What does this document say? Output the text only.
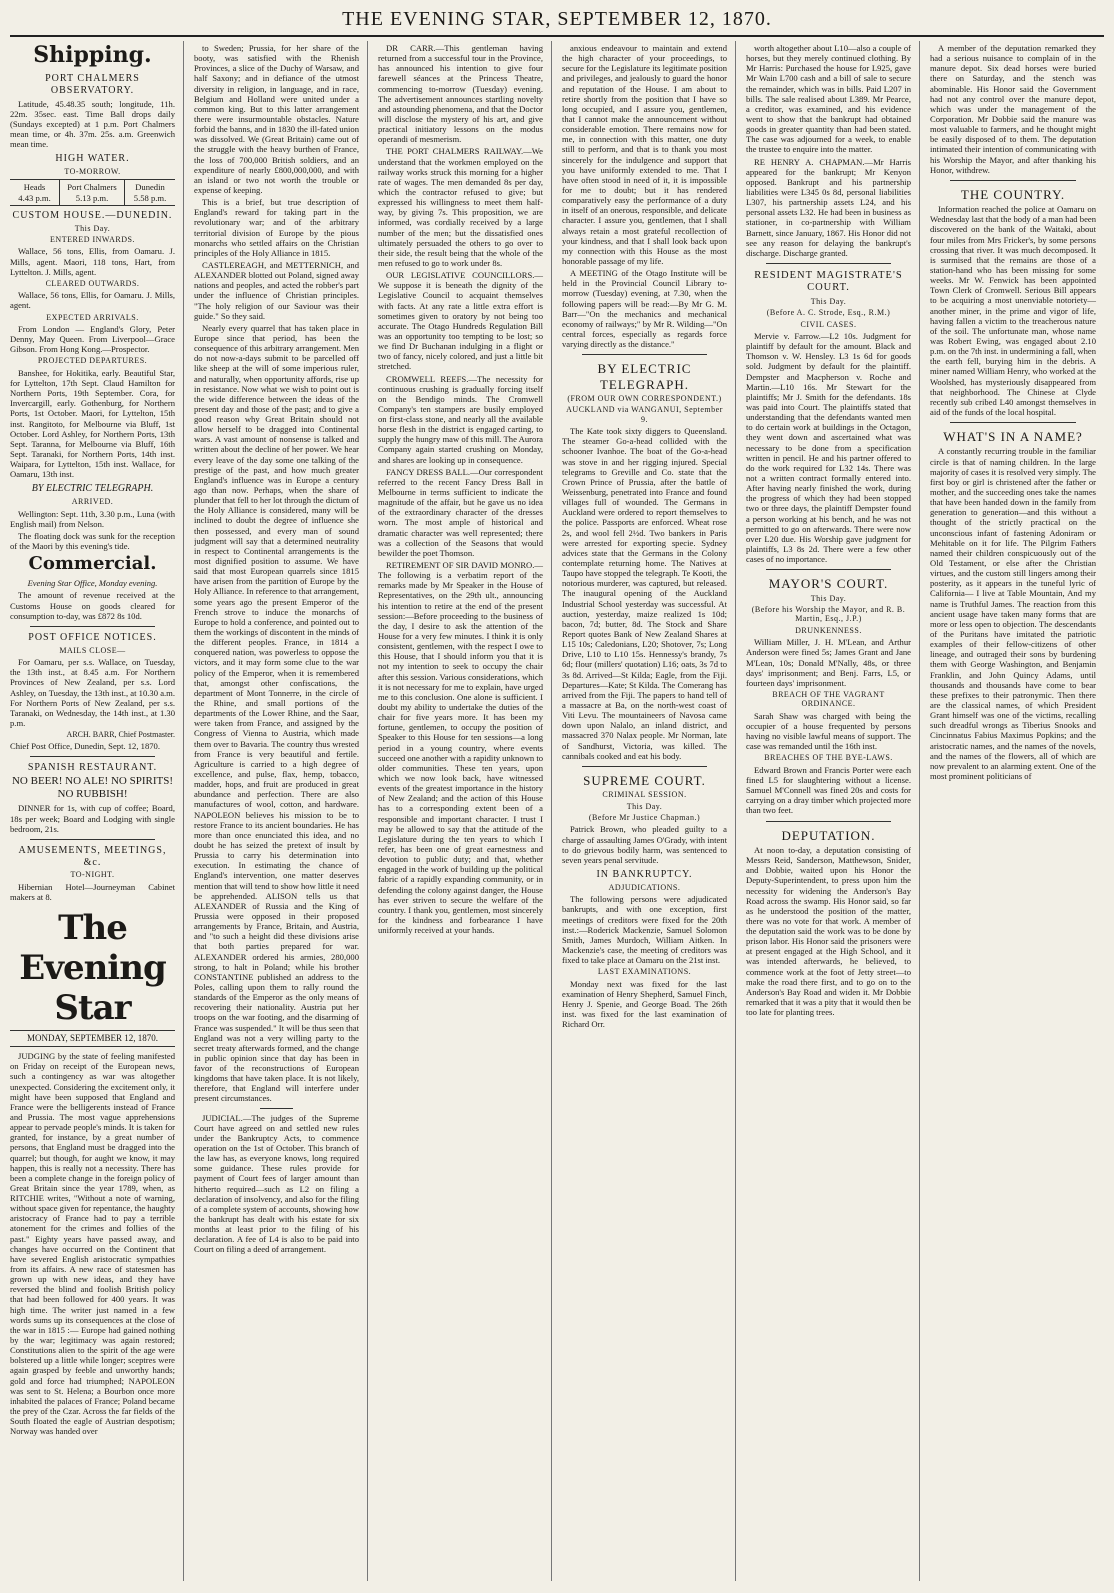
THE EVENING STAR, SEPTEMBER 12, 1870.
Shipping.
PORT CHALMERS OBSERVATORY.
Latitude, 45.48.35 south; longitude, 11h. 22m. 35sec. east. Time Ball drops daily (Sundays excepted) at 1 p.m. Port Chalmers mean time, or 4h. 37m. 25s. a.m. Greenwich mean time.
HIGH WATER.
TO-MORROW.
Heads
4.43 p.m.
Port Chalmers
5.13 p.m.
Dunedin
5.58 p.m.
CUSTOM HOUSE.—DUNEDIN.
This Day.
ENTERED INWARDS.
Wallace, 56 tons, Ellis, from Oamaru. J. Mills, agent. Maori, 118 tons, Hart, from Lyttelton. J. Mills, agent.
CLEARED OUTWARDS.
Wallace, 56 tons, Ellis, for Oamaru. J. Mills, agent.
EXPECTED ARRIVALS.
From London — England's Glory, Peter Denny, May Queen. From Liverpool—Grace Gibson. From Hong Kong.—Prospector.
PROJECTED DEPARTURES.
Banshee, for Hokitika, early. Beautiful Star, for Lyttelton, 17th Sept. Claud Hamilton for Northern Ports, 19th September. Cora, for Invercargill, early. Gothenburg, for Northern Ports, 1st October. Maori, for Lyttelton, 15th inst. Rangitoto, for Melbourne via Bluff, 1st October. Lord Ashley, for Northern Ports, 13th Sept. Taranna, for Melbourne via Bluff, 16th Sept. Taranaki, for Northern Ports, 14th inst. Waipara, for Lyttelton, 15th inst. Wallace, for Oamaru, 13th inst.
BY ELECTRIC TELEGRAPH.
ARRIVED.
Wellington: Sept. 11th, 3.30 p.m., Luna (with English mail) from Nelson.
The floating dock was sunk for the reception of the Maori by this evening's tide.
Commercial.
Evening Star Office, Monday evening.
The amount of revenue received at the Customs House on goods cleared for consumption to-day, was £872 8s 10d.
POST OFFICE NOTICES.
MAILS CLOSE—
For Oamaru, per s.s. Wallace, on Tuesday, the 13th inst., at 8.45 a.m. For Northern Provinces of New Zealand, per s.s. Lord Ashley, on Tuesday, the 13th inst., at 10.30 a.m. For Northern Ports of New Zealand, per s.s. Taranaki, on Wednesday, the 14th inst., at 1.30 p.m.
ARCH. BARR, Chief Postmaster.
Chief Post Office, Dunedin, Sept. 12, 1870.
SPANISH RESTAURANT.
NO BEER! NO ALE! NO SPIRITS! NO RUBBISH!
DINNER for 1s, with cup of coffee; Board, 18s per week; Board and Lodging with single bedroom, 21s.
AMUSEMENTS, MEETINGS, &c.
TO-NIGHT.
Hibernian Hotel—Journeyman Cabinet makers at 8.
The Evening Star
MONDAY, SEPTEMBER 12, 1870.
JUDGING by the state of feeling manifested on Friday on receipt of the European news, such a contingency as war was altogether unexpected. Considering the excitement only, it might have been supposed that England and France were the belligerents instead of France and Prussia. The most vague apprehensions appear to pervade people's minds. It is taken for granted, for instance, by a great number of persons, that England must be dragged into the quarrel; but though, for aught we know, it may happen, this is really not a necessity. There has been a complete change in the foreign policy of Great Britain since the year 1789, when, as RITCHIE writes, "Without a note of warning, without space given for repentance, the haughty aristocracy of France had to pay a terrible atonement for the crimes and follies of the past." Eighty years have passed away, and changes have occurred on the Continent that have severed English aristocratic sympathies from its affairs. A new race of statesmen has grown up with new ideas, and they have reversed the blind and foolish British policy that had been followed for 400 years. It was high time. The writer just named in a few words sums up its consequences at the close of the war in 1815 :— Europe had gained nothing by the war; legitimacy was again restored; Constitutions alien to the spirit of the age were bolstered up a little while longer; sceptres were again grasped by feeble and unworthy hands; gold and force had triumphed; NAPOLEON was sent to St. Helena; a Bourbon once more inhabited the palaces of France; Poland became the prey of the Czar. Across the far fields of the South floated the eagle of Austrian despotism; Norway was handed over
to Sweden; Prussia, for her share of the booty, was satisfied with the Rhenish Provinces, a slice of the Duchy of Warsaw, and half Saxony; and in defiance of the utmost diversity in religion, in language, and in race, Belgium and Holland were united under a common king. But to this latter arrangement there were insurmountable obstacles. Nature forbid the banns, and in 1830 the ill-fated union was dissolved. We (Great Britain) came out of the struggle with the heavy burthen of France, the loss of 700,000 British soldiers, and an expenditure of nearly £800,000,000, and with an island or two not worth the trouble or expense of keeping.
This is a brief, but true description of England's reward for taking part in the revolutionary war; and of the arbitrary territorial division of Europe by the pious monarchs who settled affairs on the Christian principles of the Holy Alliance in 1815.
CASTLEREAGH, and METTERNICH, and ALEXANDER blotted out Poland, signed away nations and peoples, and acted the robber's part under the influence of Christian principles. "The holy religion of our Saviour was their guide." So they said.
Nearly every quarrel that has taken place in Europe since that period, has been the consequence of this arbitrary arrangement. Men do not now-a-days submit to be parcelled off like sheep at the will of some imperious ruler, and naturally, when opportunity affords, rise up in resistance. Now what we wish to point out is the wide difference between the ideas of the present day and those of the past; and to give a good reason why Great Britain should not allow herself to be dragged into Continental wars. A vast amount of nonsense is talked and written about the decline of her power. We hear every leave of the day some one talking of the prestige of the past, and how much greater England's influence was in Europe a century ago than now. Perhaps, when the share of plunder that fell to her lot through the dictum of the Holy Alliance is considered, many will be inclined to doubt the degree of influence she then possessed, and every man of sound judgment will say that a determined neutrality in respect to Continental arrangements is the most dignified position to assume. We have said that most European quarrels since 1815 have arisen from the partition of Europe by the Holy Alliance. In reference to that arrangement, some years ago the present Emperor of the French strove to induce the monarchs of Europe to hold a conference, and pointed out to them the workings of discontent in the minds of the different peoples. France, in 1814 a conquered nation, was powerless to oppose the victors, and it may form some clue to the war policy of the Emperor, when it is remembered that, amongst other confiscations, the department of Mont Tonnerre, in the circle of the Rhine, and small portions of the departments of the Lower Rhine, and the Saar, were taken from France, and assigned by the Congress of Vienna to Austria, which made them over to Bavaria. The country thus wrested from France is very beautiful and fertile. Agriculture is carried to a high degree of excellence, and pulse, flax, hemp, tobacco, madder, hops, and fruit are produced in great abundance and perfection. There are also manufactures of wool, cotton, and hardware. NAPOLEON believes his mission to be to restore France to its ancient boundaries. He has more than once enunciated this idea, and no doubt he has seized the pretext of insult by Prussia to carry his determination into execution. In estimating the chance of England's intervention, one matter deserves mention that will tend to show how little it need be apprehended. ALISON tells us that ALEXANDER of Russia and the King of Prussia were opposed in their proposed arrangements by France, Britain, and Austria, and "to such a height did these divisions arise that both parties prepared for war. ALEXANDER ordered his armies, 280,000 strong, to halt in Poland; while his brother CONSTANTINE published an address to the Poles, calling upon them to rally round the standards of the Emperor as the only means of recovering their nationality. Austria put her troops on the war footing, and the disarming of France was suspended." It will be thus seen that England was not a very willing party to the secret treaty afterwards formed, and the change in public opinion since that day has been in favor of the reconstructions of European kingdoms that have taken place. It is not likely, therefore, that England will interfere under present circumstances.
JUDICIAL.—The judges of the Supreme Court have agreed on and settled new rules under the Bankruptcy Acts, to commence operation on the 1st of October. This branch of the law has, as everyone knows, long required some guidance. These rules provide for payment of Court fees of larger amount than hitherto required—such as L2 on filing a declaration of insolvency, and also for the filing of a complete system of accounts, showing how the bankrupt has dealt with his estate for six months at least prior to the filing of his declaration. A fee of L4 is also to be paid into Court on filing a deed of arrangement.
DR CARR.—This gentleman having returned from a successful tour in the Province, has announced his intention to give four farewell séances at the Princess Theatre, commencing to-morrow (Tuesday) evening. The advertisement announces startling novelty and astounding phenomena, and that the Doctor will disclose the mystery of his art, and give practical initiatory lessons on the modus operandi of mesmerism.
THE PORT CHALMERS RAILWAY.—We understand that the workmen employed on the railway works struck this morning for a higher rate of wages. The men demanded 8s per day, which the contractor refused to give; but expressed his willingness to meet them half-way, by giving 7s. This proposition, we are informed, was cordially received by a large number of the men; but the dissatisfied ones ultimately persuaded the others to go over to their side, the result being that the whole of the men refused to go to work under 8s.
OUR LEGISLATIVE COUNCILLORS.—We suppose it is beneath the dignity of the Legislative Council to acquaint themselves with facts. At any rate a little extra effort is sometimes given to oratory by not being too accurate. The Otago Hundreds Regulation Bill was an opportunity too tempting to be lost; so we find Dr Buchanan indulging in a flight or two of fancy, nicely colored, and just a little bit stretched.
CROMWELL REEFS.—The necessity for continuous crushing is gradually forcing itself on the Bendigo minds. The Cromwell Company's ten stampers are busily employed on first-class stone, and nearly all the available horse flesh in the district is engaged carting, to supply the hungry maw of this mill. The Aurora Company again started crushing on Monday, and shares are looking up in consequence.
FANCY DRESS BALL.—Our correspondent referred to the recent Fancy Dress Ball in Melbourne in terms sufficient to indicate the magnitude of the affair, but he gave us no idea of the extraordinary character of the dresses worn. The most ample of historical and dramatic character was well represented; there was a collection of the Seasons that would bewilder the poet Thomson.
RETIREMENT OF SIR DAVID MONRO.—The following is a verbatim report of the remarks made by Mr Speaker in the House of Representatives, on the 29th ult., announcing his intention to retire at the end of the present session:—Before proceeding to the business of the day, I desire to ask the attention of the House for a very few minutes. I think it is only consistent, gentlemen, with the respect I owe to this House, that I should inform you that it is not my intention to seek to occupy the chair after this session. Various considerations, which it is not necessary for me to explain, have urged me to this conclusion. One alone is sufficient. I doubt my ability to undertake the duties of the chair for five years more. It has been my fortune, gentlemen, to occupy the position of Speaker to this House for ten sessions—a long period in a young country, where events succeed one another with a rapidity unknown to older communities. These ten years, upon which we now look back, have witnessed events of the greatest importance in the history of New Zealand; and the action of this House has to a corresponding extent been of a responsible and important character. I trust I may be allowed to say that the attitude of the Legislature during the ten years to which I refer, has been one of great earnestness and devotion to public duty; and that, whether engaged in the work of building up the political fabric of a rapidly expanding community, or in defending the colony against danger, the House has ever striven to secure the welfare of the country. I thank you, gentlemen, most sincerely for the kindness and forbearance I have uniformly received at your hands.
anxious endeavour to maintain and extend the high character of your proceedings, to secure for the Legislature its legitimate position and privileges, and jealously to guard the honor and reputation of the House. I am about to retire shortly from the position that I have so long occupied, and I assure you, gentlemen, that I cannot make the announcement without considerable emotion. There remains now for me, in connection with this matter, one duty still to perform, and that is to thank you most sincerely for the indulgence and support that you have uniformly extended to me. That I have often stood in need of it, it is impossible for me to doubt; but it has rendered comparatively easy the performance of a duty in itself of an onerous, responsible, and delicate character. I assure you, gentlemen, that I shall always retain a most grateful recollection of your kindness, and that I shall look back upon my connection with this House as the most honorable passage of my life.
A MEETING of the Otago Institute will be held in the Provincial Council Library to-morrow (Tuesday) evening, at 7.30, when the following papers will be read:—By Mr G. M. Barr—"On the mechanics and mechanical economy of railways;" by Mr R. Wilding—"On central forces, especially as regards force varying directly as the distance."
BY ELECTRIC TELEGRAPH.
(FROM OUR OWN CORRESPONDENT.)
AUCKLAND via WANGANUI, September 9.
The Kate took sixty diggers to Queensland. The steamer Go-a-head collided with the schooner Ivanhoe. The boat of the Go-a-head was stove in and her rigging injured. Special telegrams to Greville and Co. state that the Crown Prince of Prussia, after the battle of Weissenburg, penetrated into France and found villages full of wounded. The Germans in Auckland were ordered to report themselves to the police. Passports are enforced. Wheat rose 2s, and wool fell 2½d. Two bankers in Paris were arrested for exporting specie. Sydney advices state that the Germans in the Colony contemplate returning home. The Natives at Taupo have stopped the telegraph. Te Kooti, the notorious murderer, was captured, but released. The inaugural opening of the Auckland Industrial School yesterday was successful. At auction, yesterday, maize realized 1s 10d; bacon, 7d; butter, 8d. The Stock and Share Report quotes Bank of New Zealand Shares at L15 10s; Caledonians, L20; Shotover, 7s; Long Drive, L10 to L10 15s. Hennessy's brandy, 7s 6d; flour (millers' quotation) L16; oats, 3s 7d to 3s 8d. Arrived—St Kilda; Eagle, from the Fiji. Departures—Kate; St Kilda. The Comerang has arrived from the Fiji. The papers to hand tell of a massacre at Ba, on the north-west coast of Viti Levu. The mountaineers of Navosa came down upon Nalalo, an inland district, and massacred 370 Nalax people. Mr Norman, late of Sandhurst, Victoria, was killed. The cannibals cooked and eat his body.
SUPREME COURT.
CRIMINAL SESSION.
This Day.
(Before Mr Justice Chapman.)
Patrick Brown, who pleaded guilty to a charge of assaulting James O'Grady, with intent to do grievous bodily harm, was sentenced to seven years penal servitude.
IN BANKRUPTCY.
ADJUDICATIONS.
The following persons were adjudicated bankrupts, and with one exception, first meetings of creditors were fixed for the 20th inst.:—Roderick Mackenzie, Samuel Solomon Smith, James Murdoch, William Aitken. In Mackenzie's case, the meeting of creditors was fixed to take place at Oamaru on the 21st inst.
LAST EXAMINATIONS.
Monday next was fixed for the last examination of Henry Shepherd, Samuel Finch, Henry J. Spenie, and George Boad. The 26th inst. was fixed for the last examination of Richard Orr.
worth altogether about L10—also a couple of horses, but they merely continued clothing. By Mr Harris: Purchased the house for L925, gave Mr Wain L700 cash and a bill of sale to secure the remainder, which was in bills. Paid L207 in bills. The sale realised about L389. Mr Pearce, a creditor, was examined, and his evidence went to show that the bankrupt had obtained goods in greater quantity than had been stated. The case was adjourned for a week, to enable the trustee to enquire into the matter.
RE HENRY A. CHAPMAN.—Mr Harris appeared for the bankrupt; Mr Kenyon opposed. Bankrupt and his partnership liabilities were L345 0s 8d, personal liabilities L307, his partnership assets L24, and his personal assets L32. He had been in business as stationer, in co-partnership with William Barnett, since January, 1867. His Honor did not see any reason for delaying the bankrupt's discharge. Discharge granted.
RESIDENT MAGISTRATE'S COURT.
This Day.
(Before A. C. Strode, Esq., R.M.)
CIVIL CASES.
Mervie v. Farrow.—L2 10s. Judgment for plaintiff by default for the amount. Black and Thomson v. W. Hensley. L3 1s 6d for goods sold. Judgment by default for the plaintiff. Dempster and Macpherson v. Roche and Martin.—L10 16s. Mr Stewart for the plaintiffs; Mr J. Smith for the defendants. 18s was paid into Court. The plaintiffs stated that understanding that the defendants wanted men to do certain work at buildings in the Octagon, they went down and ascertained what was necessary to be done from a specification written in pencil. He and his partner offered to do the work required for L32 14s. There was not a written contract formally entered into. After having nearly finished the work, during the progress of which they had been stopped two or three days, the plaintiff Dempster found a person working at his bench, and he was not permitted to go on afterwards. There were now over L20 due. His Worship gave judgment for plaintiffs, L3 8s 2d. There were a few other cases of no importance.
MAYOR'S COURT.
This Day.
(Before his Worship the Mayor, and R. B. Martin, Esq., J.P.)
DRUNKENNESS.
William Miller, J. H. M'Lean, and Arthur Anderson were fined 5s; James Grant and Jane M'Lean, 10s; Donald M'Nally, 48s, or three days' imprisonment; and Benj. Farrs, L5, or fourteen days' imprisonment.
BREACH OF THE VAGRANT ORDINANCE.
Sarah Shaw was charged with being the occupier of a house frequented by persons having no visible lawful means of support. The case was remanded until the 16th inst.
BREACHES OF THE BYE-LAWS.
Edward Brown and Francis Porter were each fined L5 for slaughtering without a license. Samuel M'Connell was fined 20s and costs for carrying on a dray timber which projected more than two feet.
DEPUTATION.
At noon to-day, a deputation consisting of Messrs Reid, Sanderson, Matthewson, Snider, and Dobbie, waited upon his Honor the Deputy-Superintendent, to press upon him the necessity for widening the Anderson's Bay Road across the swamp. His Honor said, so far as he understood the position of the matter, there was no vote for that work. A member of the deputation said the work was to be done by prison labor. His Honor said the prisoners were at present engaged at the High School, and it was intended afterwards, he believed, to commence work at the foot of Jetty street—to make the road there first, and to go on to the Anderson's Bay Road and widen it. Mr Dobbie remarked that it was a pity that it would then be too late for planting trees.
A member of the deputation remarked they had a serious nuisance to complain of in the manure depot. Six dead horses were buried there on Saturday, and the stench was abominable. His Honor said the Government had not any control over the manure depot, which was under the management of the Corporation. Mr Dobbie said the manure was most valuable to farmers, and he thought might be easily disposed of to them. The deputation intimated their intention of communicating with his Worship the Mayor, and after thanking his Honor, withdrew.
THE COUNTRY.
Information reached the police at Oamaru on Wednesday last that the body of a man had been discovered on the bank of the Waitaki, about four miles from Mrs Fricker's, by some persons crossing that river. It was much decomposed. It is surmised that the remains are those of a station-hand who has been missing for some weeks. Mr W. Fenwick has been appointed Town Clerk of Cromwell. Serious Bill appears to be acquiring a most unenviable notoriety—another miner, in the prime and vigor of life, having fallen a victim to the treacherous nature of the soil. The unfortunate man, whose name was Robert Ewing, was engaged about 2.10 p.m. on the 7th inst. in undermining a fall, when the earth fell, burying him in the debris. A miner named William Henry, who worked at the Woolshed, has mysteriously disappeared from that neighborhood. The Chinese at Clyde recently sub cribed L40 amongst themselves in aid of the funds of the local hospital.
WHAT'S IN A NAME?
A constantly recurring trouble in the familiar circle is that of naming children. In the large majority of cases it is resolved very simply. The first boy or girl is christened after the father or mother, and the succeeding ones take the names that have been handed down in the family from generation to generation—and this without a thought of the strictly practical on the unconscious infant of fastening Adoniram or Mehitable on it for life. The Pilgrim Fathers named their children conspicuously out of the Old Testament, or else after the Christian virtues, and the custom still lingers among their posterity, as it appears in the tuneful lyric of California— I live at Table Mountain, And my name is Truthful James. The reaction from this ancient usage have taken many forms that are more or less open to objection. The descendants of the Puritans have imitated the patriotic examples of their fellow-citizens of other lineage, and outraged their sons by burdening them with George Washington, and Benjamin Franklin, and John Quincy Adams, until thousands and thousands have come to bear these prefixes to their patronymic. Then there are the classical names, of which President Grant himself was one of the victims, recalling such dreadful wrongs as Tiberius Snooks and Cincinnatus Fabius Maximus Popkins; and the aristocratic names, and the names of the novels, and the names of the flowers, all of which are now prevalent to an alarming extent. One of the most prominent politicians of
